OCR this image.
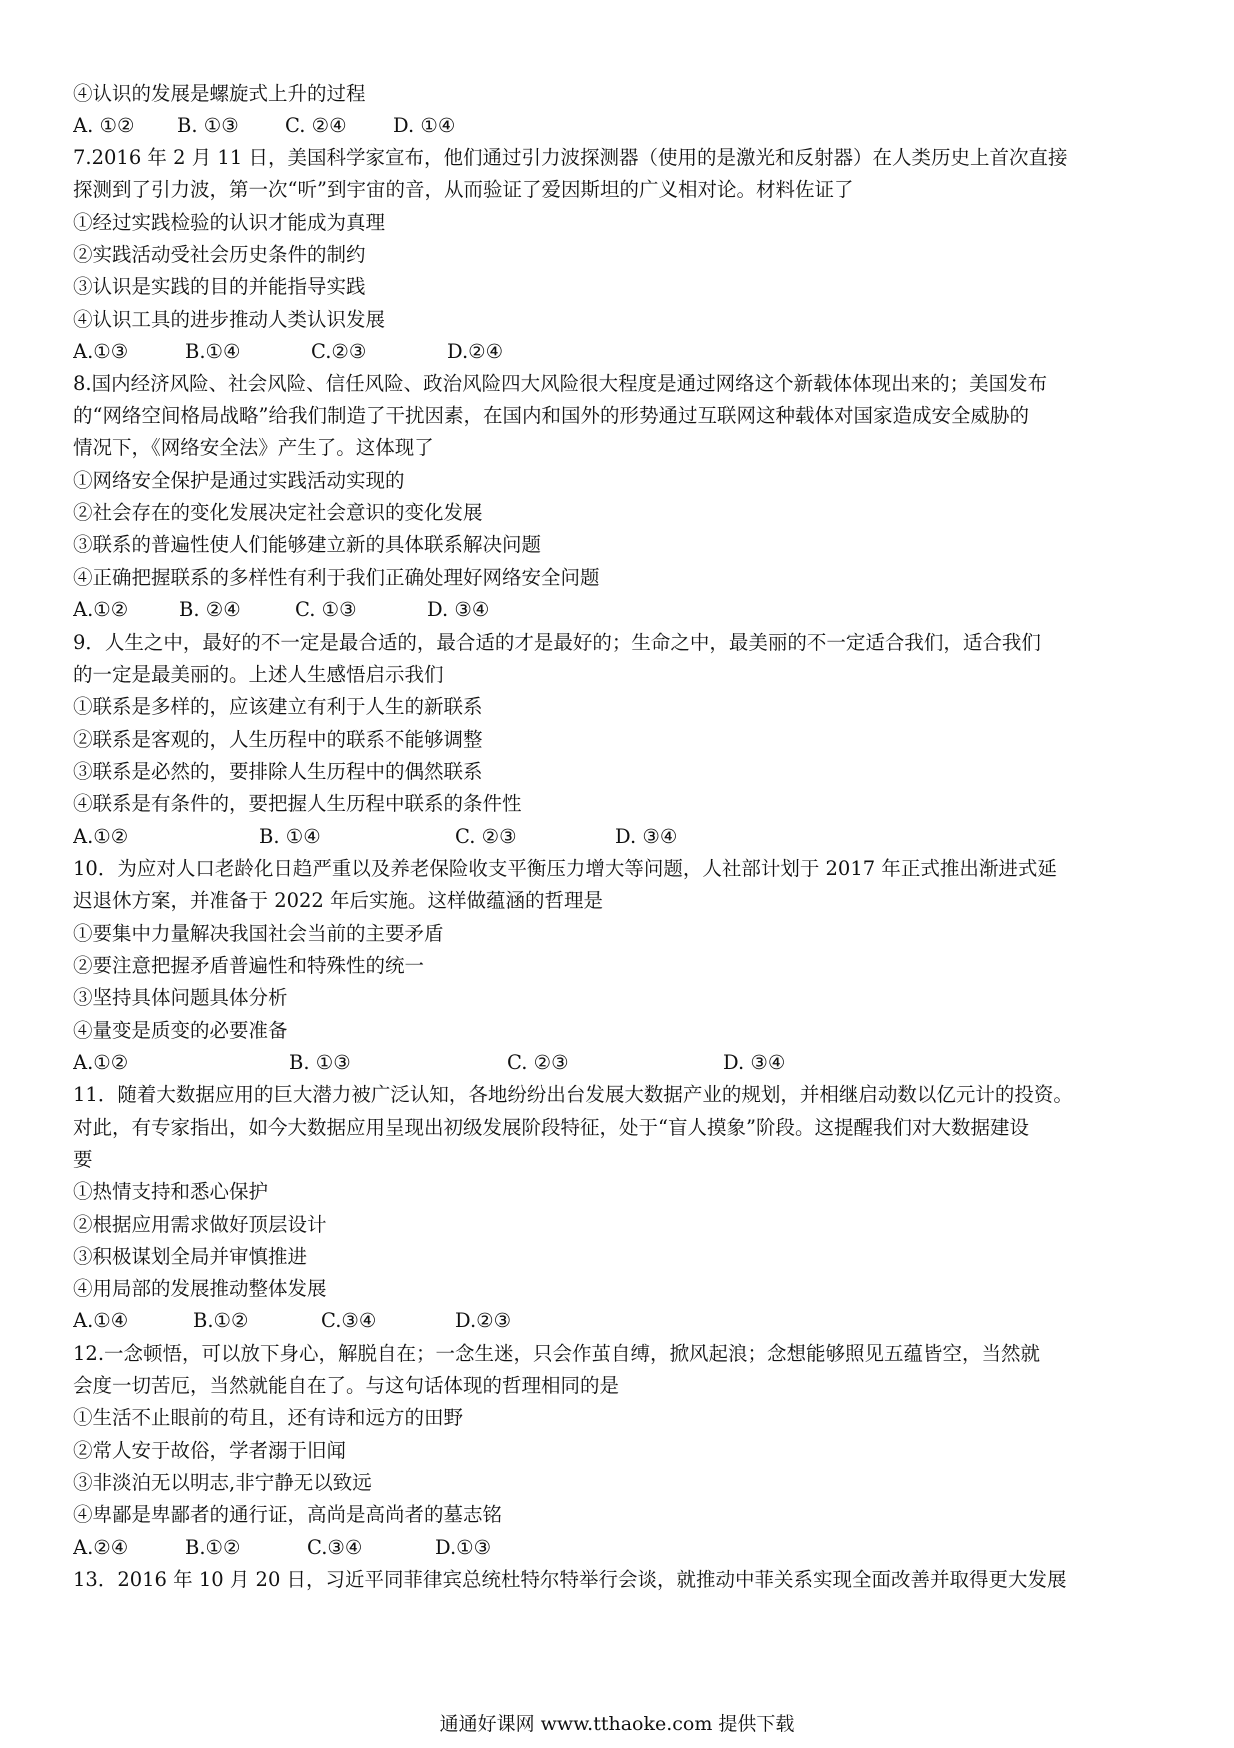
④认识的发展是螺旋式上升的过程
A. ①② B. ①③ C. ②④ D. ①④
7.2016 年 2 月 11 日，美国科学家宣布，他们通过引力波探测器（使用的是激光和反射器）在人类历史上首次直接
探测到了引力波，第一次“听”到宇宙的音，从而验证了爱因斯坦的广义相对论。材料佐证了
①经过实践检验的认识才能成为真理
②实践活动受社会历史条件的制约
③认识是实践的目的并能指导实践
④认识工具的进步推动人类认识发展
A.①③	B.①④	C.②③	D.②④
8.国内经济风险、社会风险、信任风险、政治风险四大风险很大程度是通过网络这个新载体体现出来的；美国发布
的“网络空间格局战略”给我们制造了干扰因素，在国内和国外的形势通过互联网这种载体对国家造成安全威胁的
情况下，《网络安全法》产生了。这体现了
①网络安全保护是通过实践活动实现的
②社会存在的变化发展决定社会意识的变化发展
③联系的普遍性使人们能够建立新的具体联系解决问题
④正确把握联系的多样性有利于我们正确处理好网络安全问题
A.①②	B. ②④	C. ①③	D. ③④
9．人生之中，最好的不一定是最合适的，最合适的才是最好的；生命之中，最美丽的不一定适合我们，适合我们
的一定是最美丽的。上述人生感悟启示我们
①联系是多样的，应该建立有利于人生的新联系
②联系是客观的，人生历程中的联系不能够调整
③联系是必然的，要排除人生历程中的偶然联系
④联系是有条件的，要把握人生历程中联系的条件性
A.①②	B. ①④	C. ②③	D. ③④
10．为应对人口老龄化日趋严重以及养老保险收支平衡压力增大等问题，人社部计划于 2017 年正式推出渐进式延
迟退休方案，并准备于 2022 年后实施。这样做蕴涵的哲理是
①要集中力量解决我国社会当前的主要矛盾
②要注意把握矛盾普遍性和特殊性的统一
③坚持具体问题具体分析
④量变是质变的必要准备
A.①②	B. ①③	C. ②③	D. ③④
11．随着大数据应用的巨大潜力被广泛认知，各地纷纷出台发展大数据产业的规划，并相继启动数以亿元计的投资。
对此，有专家指出，如今大数据应用呈现出初级发展阶段特征，处于“盲人摸象”阶段。这提醒我们对大数据建设
要
①热情支持和悉心保护
②根据应用需求做好顶层设计
③积极谋划全局并审慎推进
④用局部的发展推动整体发展
A.①④	B.①②	C.③④	D.②③
12.一念顿悟，可以放下身心，解脱自在；一念生迷，只会作茧自缚，掀风起浪；念想能够照见五蕴皆空，当然就
会度一切苦厄，当然就能自在了。与这句话体现的哲理相同的是
①生活不止眼前的苟且，还有诗和远方的田野
②常人安于故俗，学者溺于旧闻
③非淡泊无以明志,非宁静无以致远
④卑鄙是卑鄙者的通行证，高尚是高尚者的墓志铭
A.②④	B.①②	C.③④	D.①③
13．2016 年 10 月 20 日，习近平同菲律宾总统杜特尔特举行会谈，就推动中菲关系实现全面改善并取得更大发展
通通好课网 www.tthaoke.com 提供下载
